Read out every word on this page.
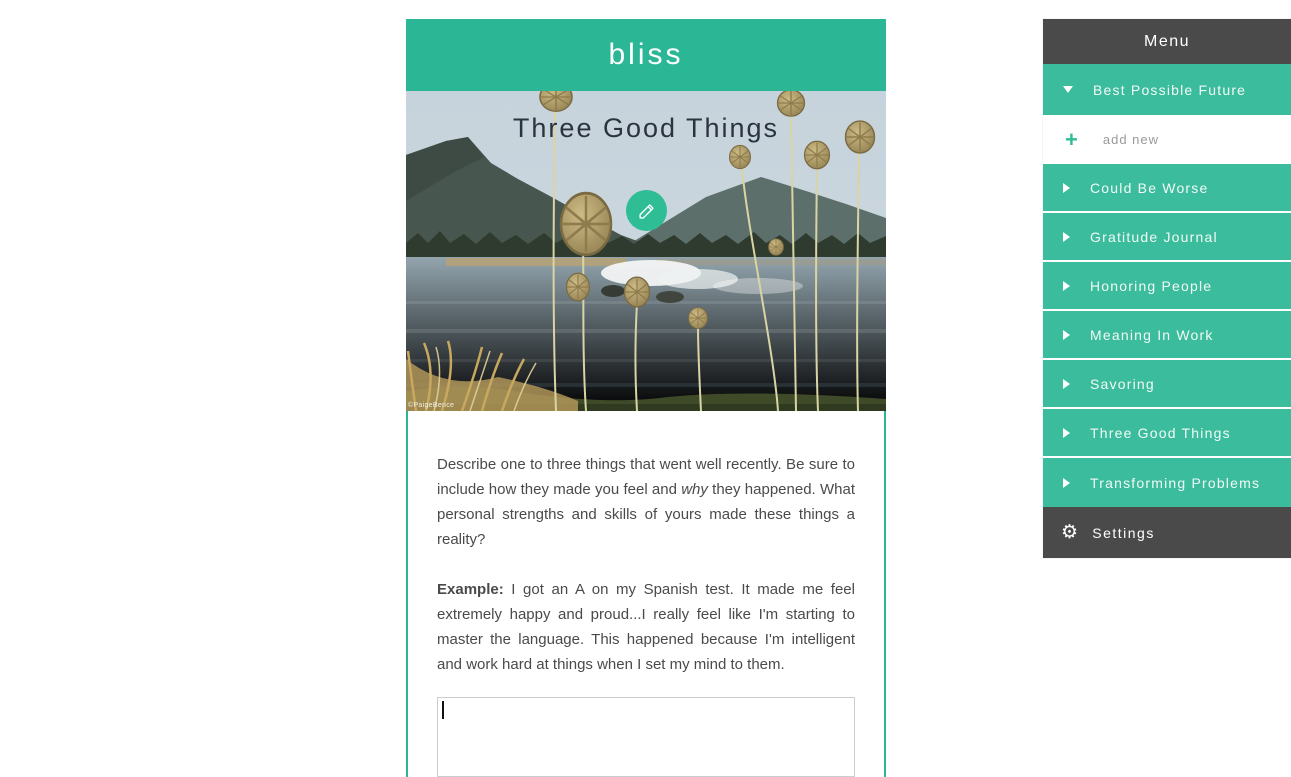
bliss
Three Good Things
©PaigeBence

Describe one to three things that went well recently. Be sure to include how they made you feel and why they happened. What personal strengths and skills of yours made these things a reality?

Example: I got an A on my Spanish test. It made me feel extremely happy and proud...I really feel like I'm starting to master the language. This happened because I'm intelligent and work hard at things when I set my mind to them.

Menu
Best Possible Future
+ add new
Could Be Worse
Gratitude Journal
Honoring People
Meaning In Work
Savoring
Three Good Things
Transforming Problems
⚙ Settings
